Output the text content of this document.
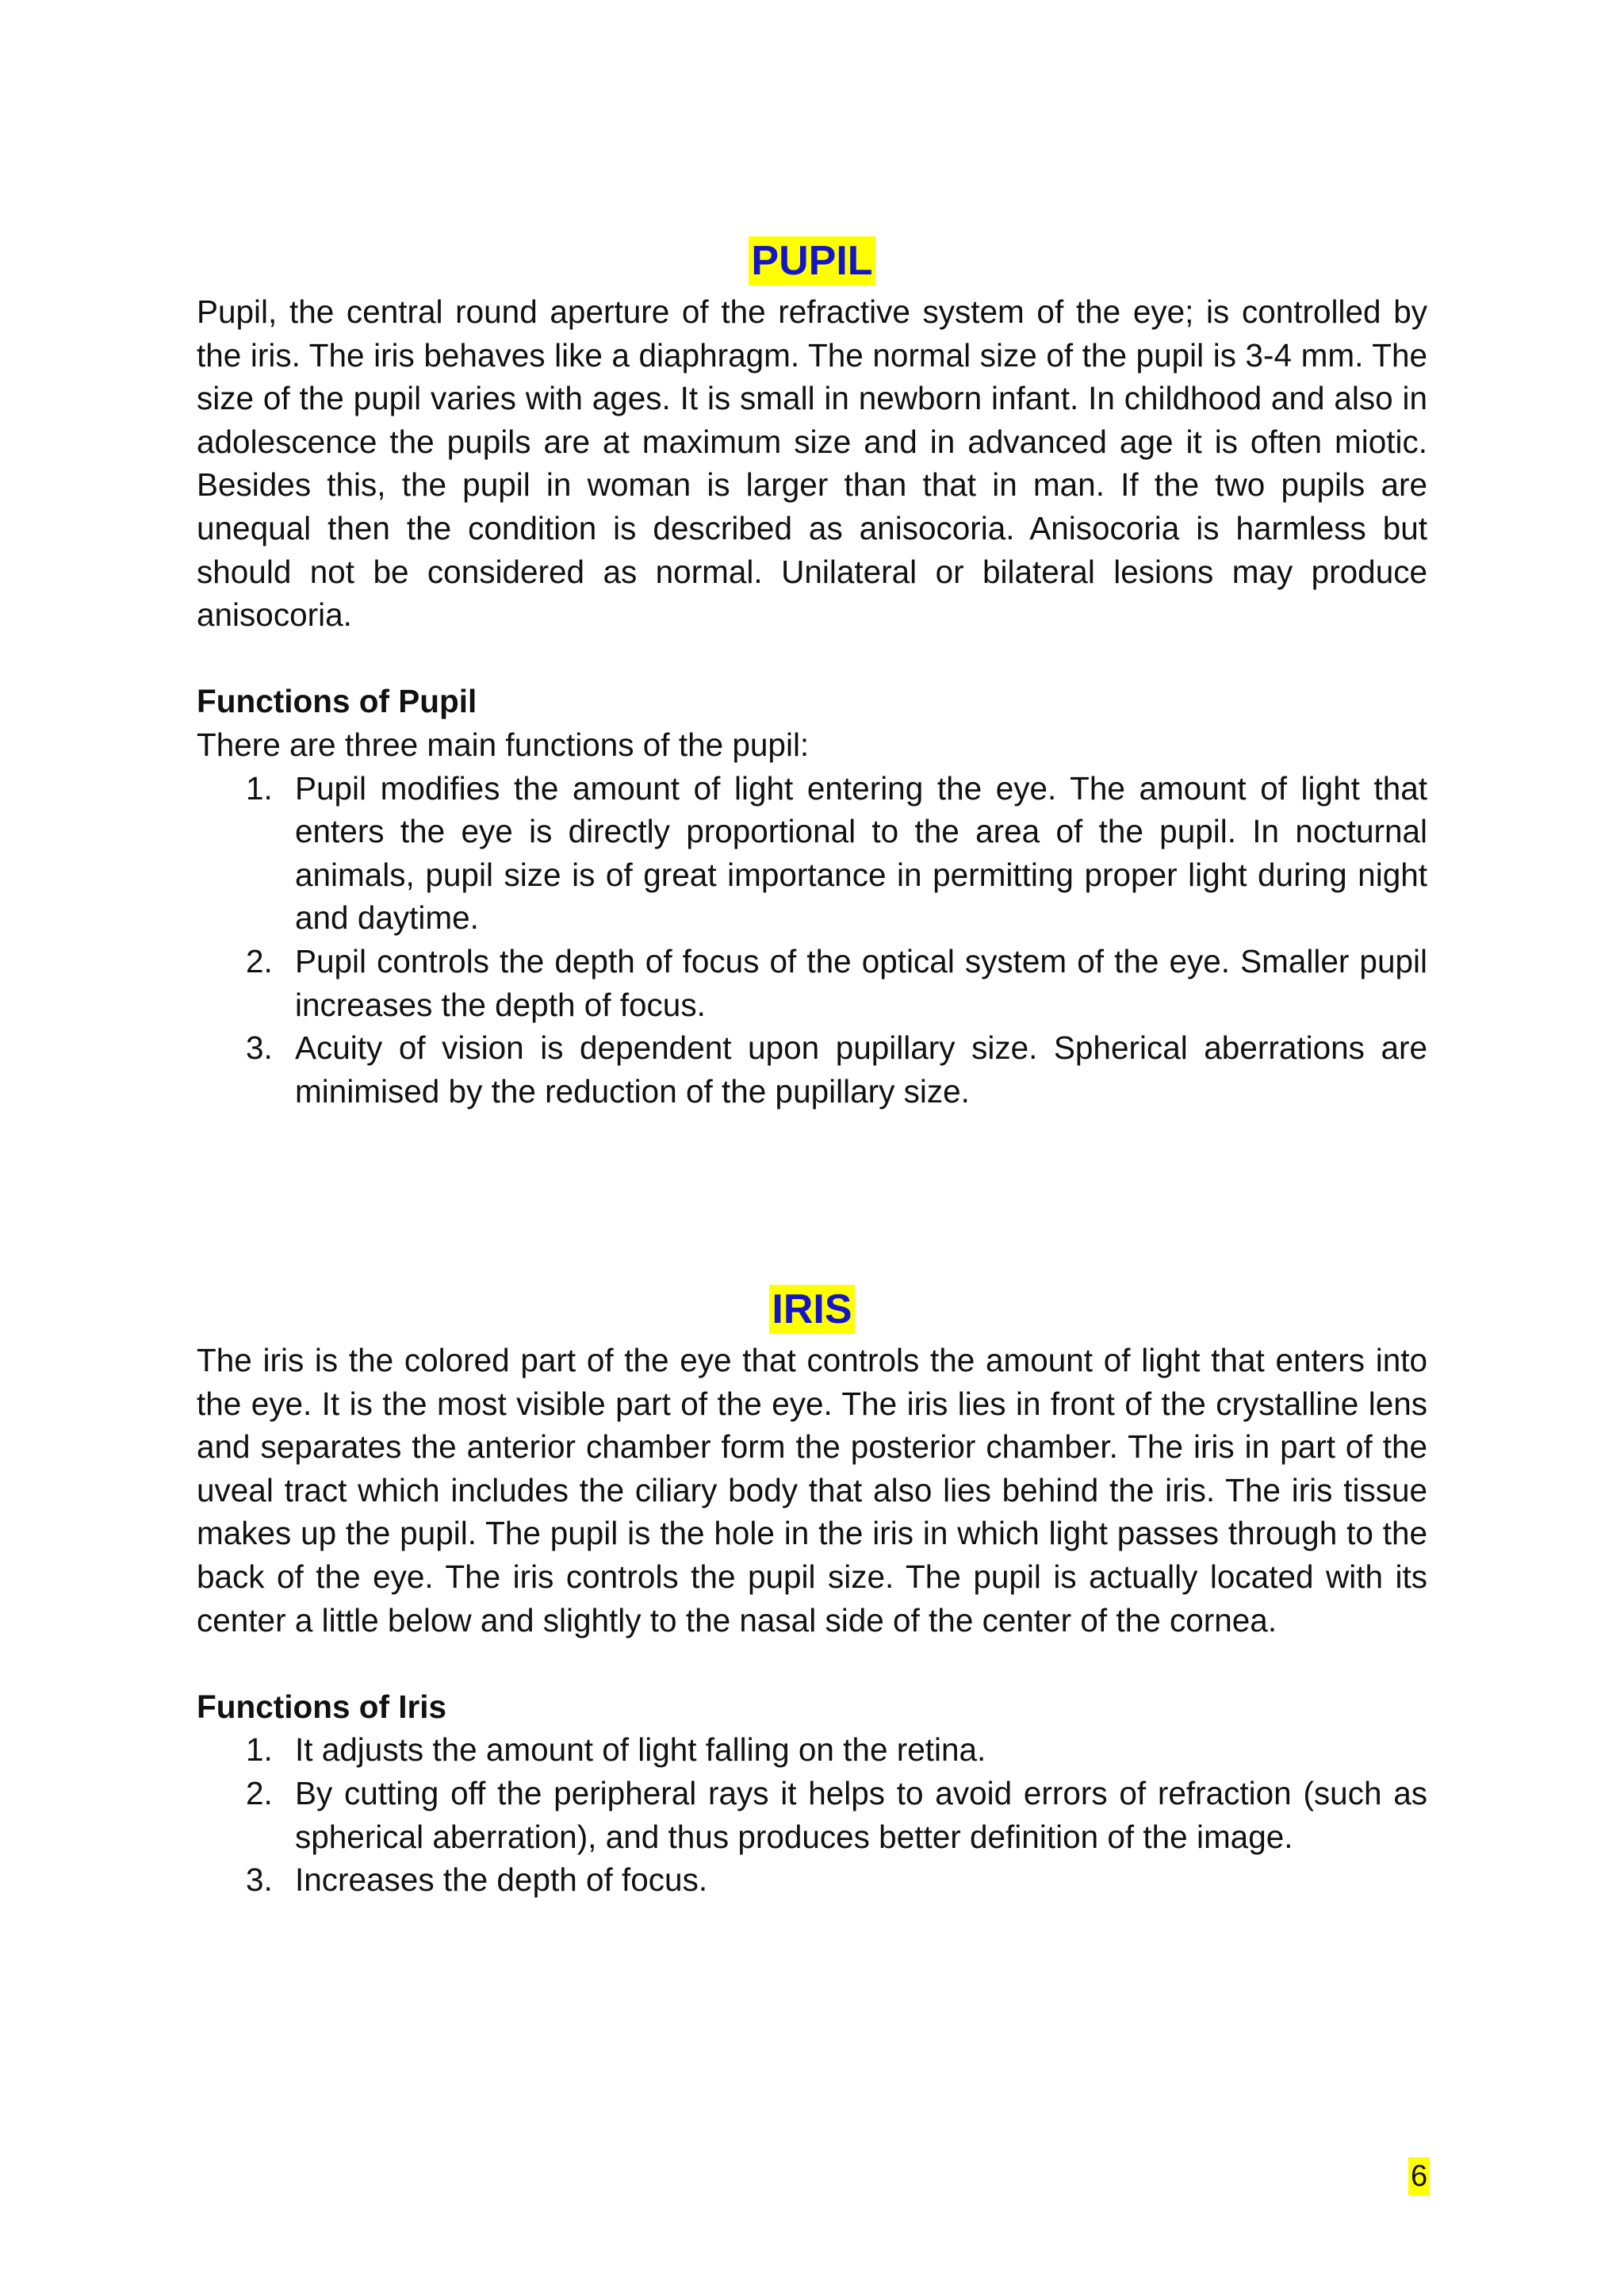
PUPIL

Pupil, the central round aperture of the refractive system of the eye; is controlled by the iris. The iris behaves like a diaphragm. The normal size of the pupil is 3-4 mm. The size of the pupil varies with ages. It is small in newborn infant. In childhood and also in adolescence the pupils are at maximum size and in advanced age it is often miotic. Besides this, the pupil in woman is larger than that in man. If the two pupils are unequal then the condition is described as anisocoria. Anisocoria is harmless but should not be considered as normal. Unilateral or bilateral lesions may produce anisocoria.

Functions of Pupil

There are three main functions of the pupil:

1. Pupil modifies the amount of light entering the eye. The amount of light that enters the eye is directly proportional to the area of the pupil. In nocturnal animals, pupil size is of great importance in permitting proper light during night and daytime.
2. Pupil controls the depth of focus of the optical system of the eye. Smaller pupil increases the depth of focus.
3. Acuity of vision is dependent upon pupillary size. Spherical aberrations are minimised by the reduction of the pupillary size.
IRIS

The iris is the colored part of the eye that controls the amount of light that enters into the eye. It is the most visible part of the eye. The iris lies in front of the crystalline lens and separates the anterior chamber form the posterior chamber. The iris in part of the uveal tract which includes the ciliary body that also lies behind the iris. The iris tissue makes up the pupil. The pupil is the hole in the iris in which light passes through to the back of the eye. The iris controls the pupil size. The pupil is actually located with its center a little below and slightly to the nasal side of the center of the cornea.

Functions of Iris

1. It adjusts the amount of light falling on the retina.
2. By cutting off the peripheral rays it helps to avoid errors of refraction (such as spherical aberration), and thus produces better definition of the image.
3. Increases the depth of focus.
6
